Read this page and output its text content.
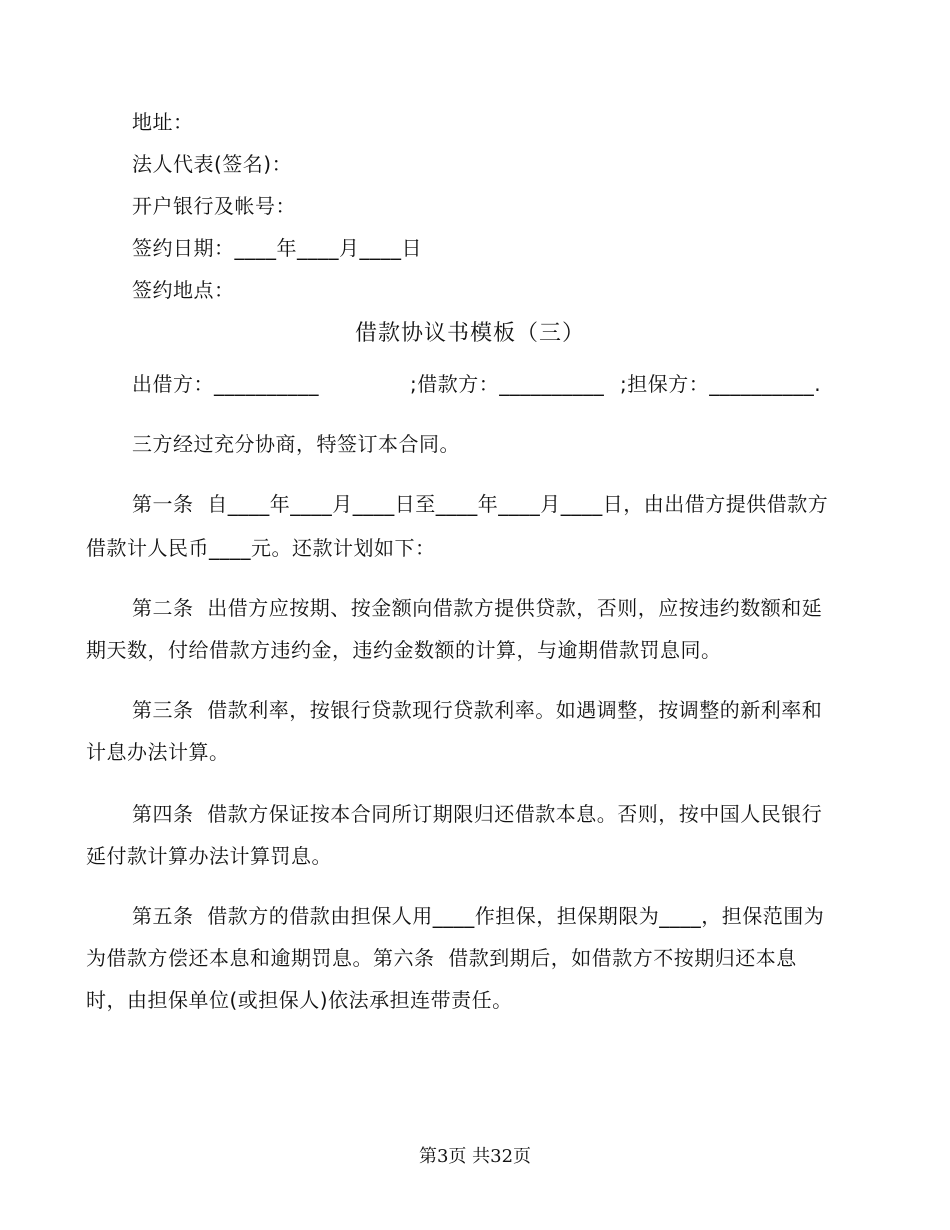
地址：
法人代表(签名)：
开户银行及帐号：
签约日期：____年____月____日
签约地点：
借款协议书模板（三）
出借方：__________	;借款方：__________ ;担保方：__________.
三方经过充分协商，特签订本合同。
第一条  自____年____月____日至____年____月____日，由出借方提供借款方
借款计人民币____元。还款计划如下：
第二条  出借方应按期、按金额向借款方提供贷款，否则，应按违约数额和延
期天数，付给借款方违约金，违约金数额的计算，与逾期借款罚息同。
第三条  借款利率，按银行贷款现行贷款利率。如遇调整，按调整的新利率和
计息办法计算。
第四条  借款方保证按本合同所订期限归还借款本息。否则，按中国人民银行
延付款计算办法计算罚息。
第五条  借款方的借款由担保人用____作担保，担保期限为____，担保范围为
为借款方偿还本息和逾期罚息。第六条  借款到期后，如借款方不按期归还本息
时，由担保单位(或担保人)依法承担连带责任。
第3页 共32页
